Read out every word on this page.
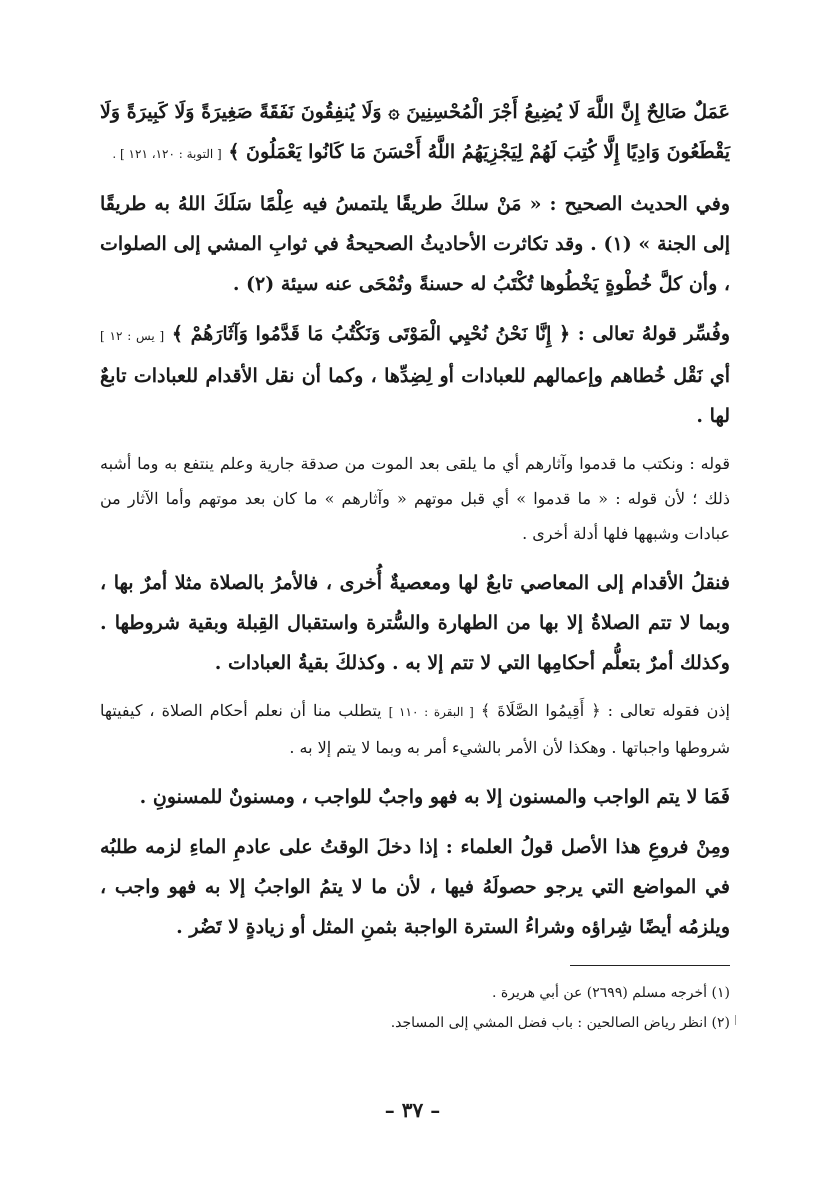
عَمَلٌ صَالِحٌ إِنَّ اللَّهَ لَا يُضِيعُ أَجْرَ الْمُحْسِنِينَ ۞ وَلَا يُنفِقُونَ نَفَقَةً صَغِيرَةً وَلَا كَبِيرَةً وَلَا يَقْطَعُونَ وَادِيًا إِلَّا كُتِبَ لَهُمْ لِيَجْزِيَهُمُ اللَّهُ أَحْسَنَ مَا كَانُوا يَعْمَلُونَ ﴾ [ التوبة : ١٢٠، ١٢١ ] .

وفي الحديث الصحيح : « مَنْ سلكَ طريقًا يلتمسُ فيه عِلْمًا سَلَكَ اللهُ به طريقًا إلى الجنة » (١) . وقد تكاثرت الأحاديثُ الصحيحةُ في ثوابِ المشي إلى الصلوات ، وأن كلَّ خُطْوةٍ يَخْطُوها تُكْتَبُ له حسنةً وتُمْحَى عنه سيئة (٢) .

وفُسِّر قولهُ تعالى : ﴿ إِنَّا نَحْنُ نُحْيِي الْمَوْتَى وَنَكْتُبُ مَا قَدَّمُوا وَآثَارَهُمْ ﴾ [ يس : ١٢ ] أي نَقْل خُطاهم وإعمالهم للعبادات أو لِضِدِّها ، وكما أن نقل الأقدام للعبادات تابعٌ لها .

قوله : ونكتب ما قدموا وآثارهم أي ما يلقى بعد الموت من صدقة جارية وعلم ينتفع به وما أشبه ذلك ؛ لأن قوله : « ما قدموا » أي قبل موتهم « وآثارهم » ما كان بعد موتهم وأما الآثار من عبادات وشبهها فلها أدلة أخرى .

فنقلُ الأقدام إلى المعاصي تابعٌ لها ومعصيةٌ أُخرى ، فالأمرُ بالصلاة مثلا أمرٌ بها ، وبما لا تتم الصلاةُ إلا بها من الطهارة والسُّترة واستقبال القِبلة وبقية شروطها . وكذلك أمرٌ بتعلُّم أحكامِها التي لا تتم إلا به . وكذلكَ بقيةُ العبادات .

إذن فقوله تعالى : ﴿ أَقِيمُوا الصَّلَاةَ ﴾ [ البقرة : ١١٠ ] يتطلب منا أن نعلم أحكام الصلاة ، كيفيتها شروطها واجباتها . وهكذا لأن الأمر بالشيء أمر به وبما لا يتم إلا به .

فَمَا لا يتم الواجب والمسنون إلا به فهو واجبٌ للواجب ، ومسنونٌ للمسنونِ .

ومِنْ فروعِ هذا الأصل قولُ العلماء : إذا دخلَ الوقتُ على عادمِ الماءِ لزمه طلبُه في المواضع التي يرجو حصولَهُ فيها ، لأن ما لا يتمُ الواجبُ إلا به فهو واجب ، ويلزمُه أيضًا شِراؤه وشراءُ السترة الواجبة بثمنِ المثل أو زيادةٍ لا تَضُر .

(١) أخرجه مسلم (٢٦٩٩) عن أبي هريرة .

(٢) انظر رياض الصالحين : باب فضل المشي إلى المساجد.

– ٣٧ –
